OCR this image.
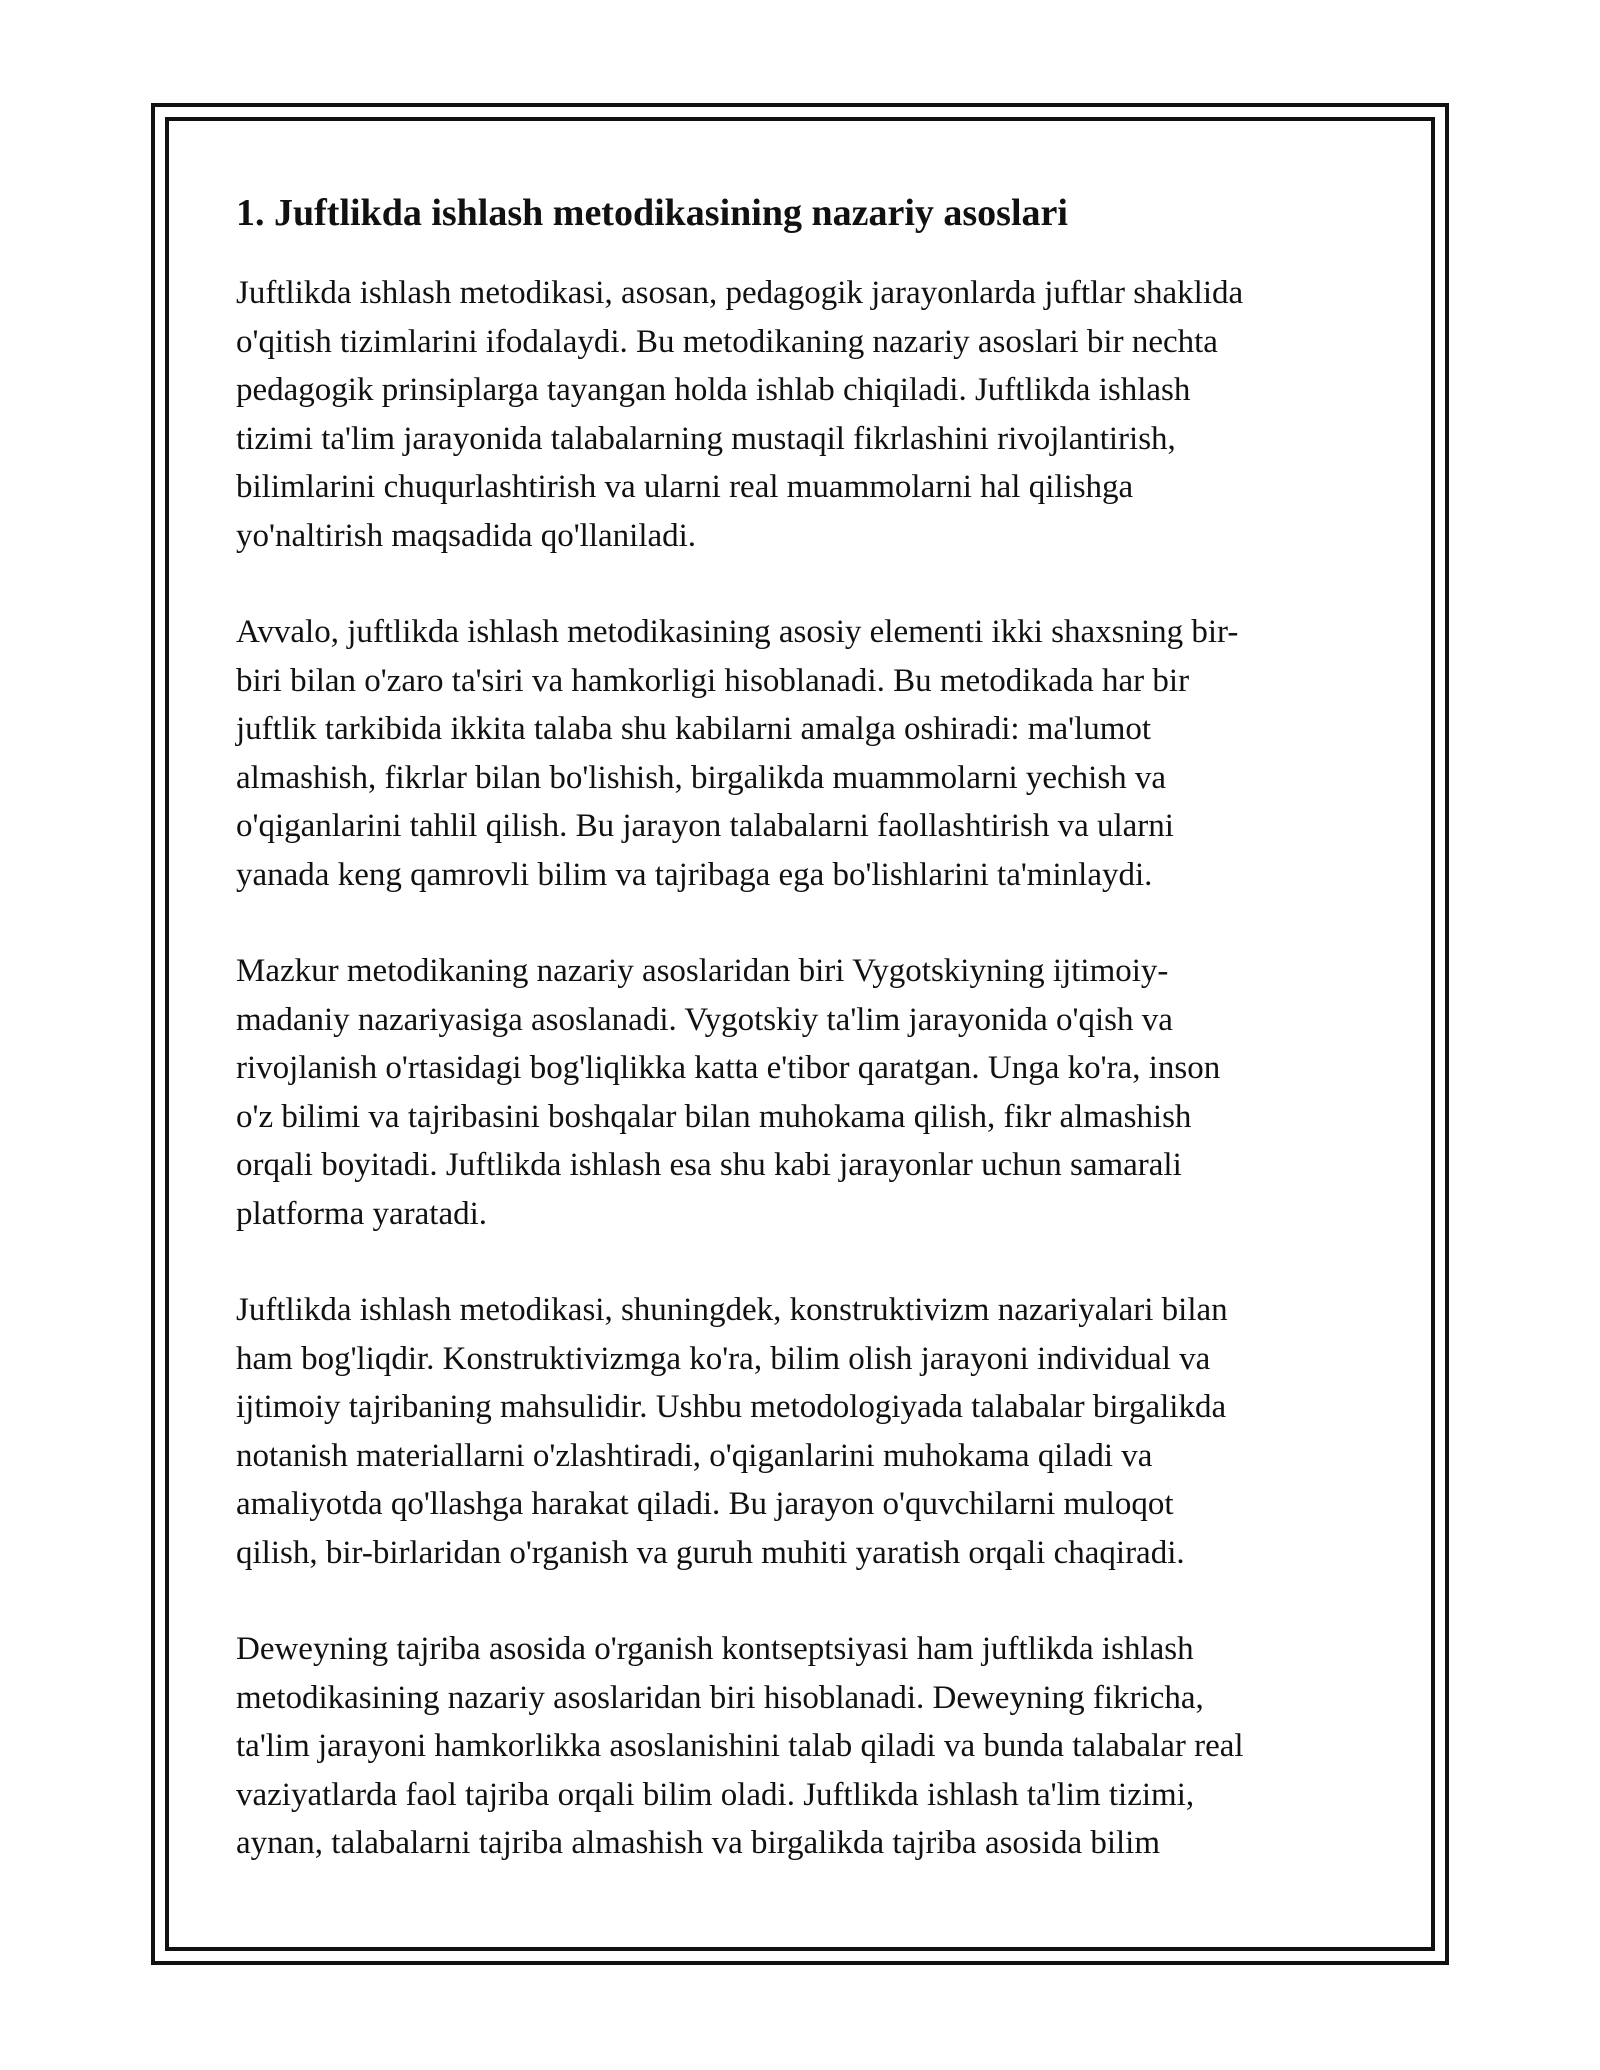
1. Juftlikda ishlash metodikasining nazariy asoslari

Juftlikda ishlash metodikasi, asosan, pedagogik jarayonlarda juftlar shaklida
o'qitish tizimlarini ifodalaydi. Bu metodikaning nazariy asoslari bir nechta
pedagogik prinsiplarga tayangan holda ishlab chiqiladi. Juftlikda ishlash
tizimi ta'lim jarayonida talabalarning mustaqil fikrlashini rivojlantirish,
bilimlarini chuqurlashtirish va ularni real muammolarni hal qilishga
yo'naltirish maqsadida qo'llaniladi.

Avvalo, juftlikda ishlash metodikasining asosiy elementi ikki shaxsning bir-
biri bilan o'zaro ta'siri va hamkorligi hisoblanadi. Bu metodikada har bir
juftlik tarkibida ikkita talaba shu kabilarni amalga oshiradi: ma'lumot
almashish, fikrlar bilan bo'lishish, birgalikda muammolarni yechish va
o'qiganlarini tahlil qilish. Bu jarayon talabalarni faollashtirish va ularni
yanada keng qamrovli bilim va tajribaga ega bo'lishlarini ta'minlaydi.

Mazkur metodikaning nazariy asoslaridan biri Vygotskiyning ijtimoiy-
madaniy nazariyasiga asoslanadi. Vygotskiy ta'lim jarayonida o'qish va
rivojlanish o'rtasidagi bog'liqlikka katta e'tibor qaratgan. Unga ko'ra, inson
o'z bilimi va tajribasini boshqalar bilan muhokama qilish, fikr almashish
orqali boyitadi. Juftlikda ishlash esa shu kabi jarayonlar uchun samarali
platforma yaratadi.

Juftlikda ishlash metodikasi, shuningdek, konstruktivizm nazariyalari bilan
ham bog'liqdir. Konstruktivizmga ko'ra, bilim olish jarayoni individual va
ijtimoiy tajribaning mahsulidir. Ushbu metodologiyada talabalar birgalikda
notanish materiallarni o'zlashtiradi, o'qiganlarini muhokama qiladi va
amaliyotda qo'llashga harakat qiladi. Bu jarayon o'quvchilarni muloqot
qilish, bir-birlaridan o'rganish va guruh muhiti yaratish orqali chaqiradi.

Deweyning tajriba asosida o'rganish kontseptsiyasi ham juftlikda ishlash
metodikasining nazariy asoslaridan biri hisoblanadi. Deweyning fikricha,
ta'lim jarayoni hamkorlikka asoslanishini talab qiladi va bunda talabalar real
vaziyatlarda faol tajriba orqali bilim oladi. Juftlikda ishlash ta'lim tizimi,
aynan, talabalarni tajriba almashish va birgalikda tajriba asosida bilim
